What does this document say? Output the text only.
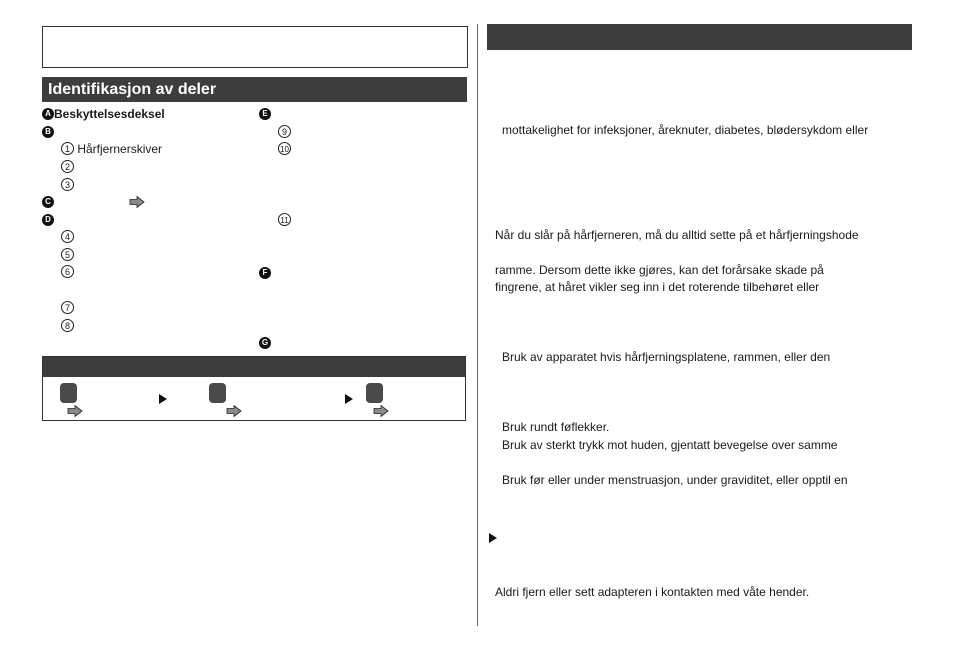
Identifikasjon av deler
A Beskyttelsesdeksel
B
1 Hårfjernerskiver
2
3
C
D
4
5
6
7
8
E
9
10
11
F
G
mottakelighet for infeksjoner, åreknuter, diabetes, blødersykdom eller
Når du slår på hårfjerneren, må du alltid sette på et hårfjerningshode
ramme. Dersom dette ikke gjøres, kan det forårsake skade på
fingrene, at håret vikler seg inn i det roterende tilbehøret eller
Bruk av apparatet hvis hårfjerningsplatene, rammen, eller den
Bruk rundt føflekker.
Bruk av sterkt trykk mot huden, gjentatt bevegelse over samme
Bruk før eller under menstruasjon, under graviditet, eller opptil en
Aldri fjern eller sett adapteren i kontakten med våte hender.
